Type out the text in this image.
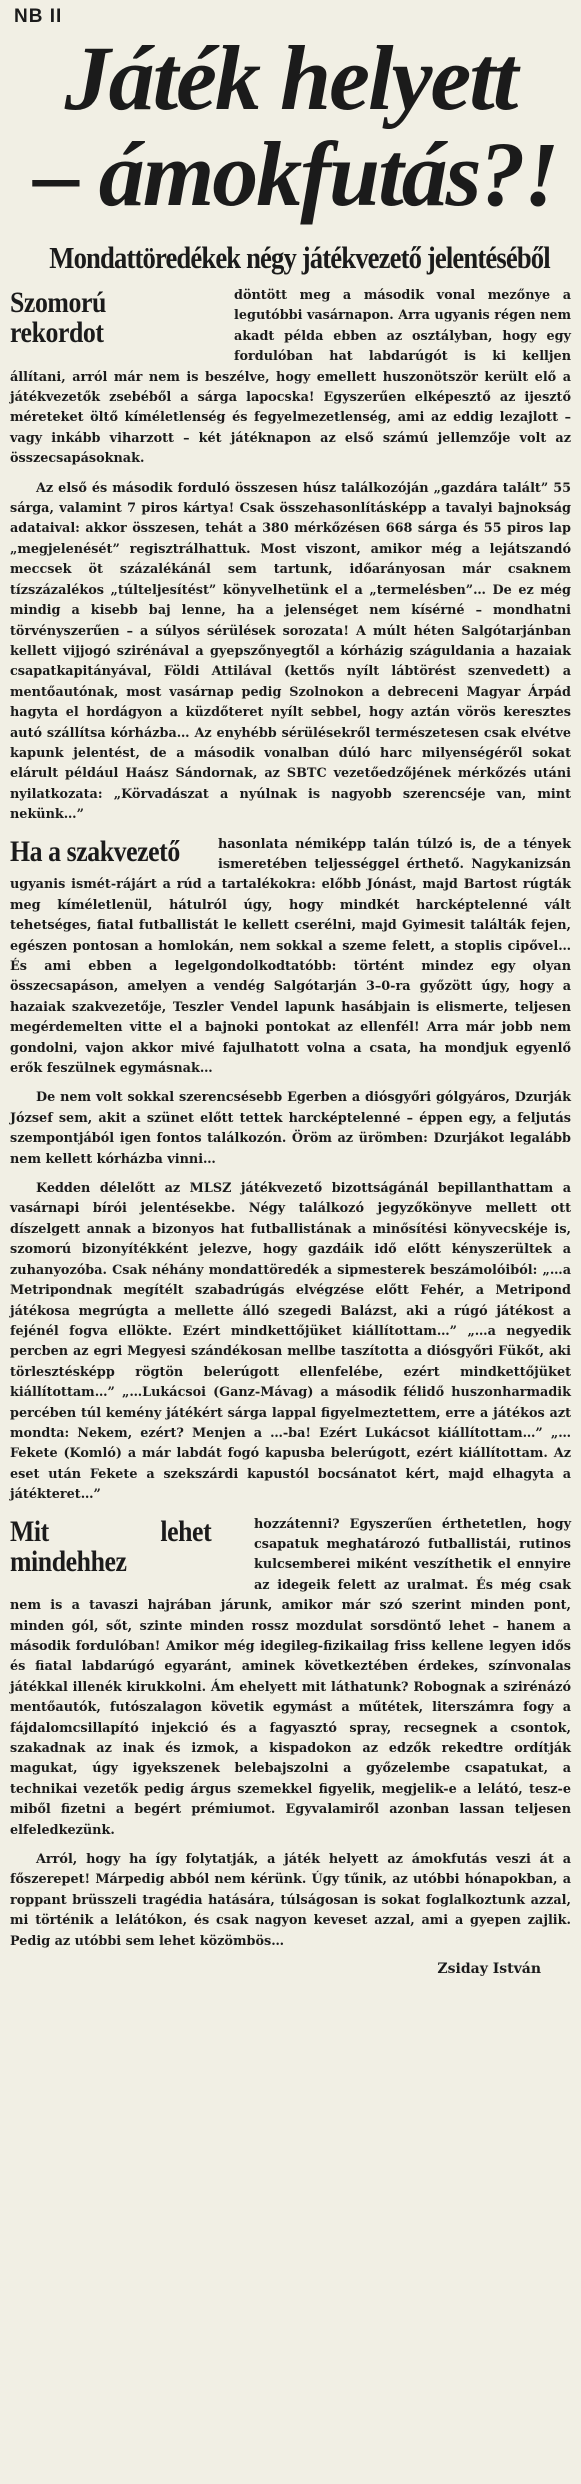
NB II
Játék helyett
– ámokfutás?!
Mondattöredékek négy játékvezető jelentéséből

Szomorú rekordot
döntött meg a második vonal mezőnye a legutóbbi vasárnapon. Arra ugyanis régen nem akadt példa ebben az osztályban, hogy egy fordulóban hat labdarúgót is ki kelljen állítani, arról már nem is beszélve, hogy emellett huszonötször került elő a játékvezetők zsebéből a sárga lapocska! Egyszerűen elképesztő az ijesztő méreteket öltő kíméletlenség és fegyelmezetlenség, ami az eddig lezajlott – vagy inkább viharzott – két játéknapon az első számú jellemzője volt az összecsapásoknak.

Az első és második forduló összesen húsz találkozóján „gazdára talált” 55 sárga, valamint 7 piros kártya! Csak összehasonlításképp a tavalyi bajnokság adataival: akkor összesen, tehát a 380 mérkőzésen 668 sárga és 55 piros lap „megjelenését” regisztrálhattuk. Most viszont, amikor még a lejátszandó meccsek öt százalékánál sem tartunk, időarányosan már csaknem tízszázalékos „túlteljesítést” könyvelhetünk el a „termelésben”… De ez még mindig a kisebb baj lenne, ha a jelenséget nem kísérné – mondhatni törvényszerűen – a súlyos sérülések sorozata! A múlt héten Salgótarjánban kellett vijjogó szirénával a gyepszőnyegtől a kórházig száguldania a hazaiak csapatkapitányával, Földi Attilával (kettős nyílt lábtörést szenvedett) a mentőautónak, most vasárnap pedig Szolnokon a debreceni Magyar Árpád hagyta el hordágyon a küzdőteret nyílt sebbel, hogy aztán vörös keresztes autó szállítsa kórházba… Az enyhébb sérülésekről természetesen csak elvétve kapunk jelentést, de a második vonalban dúló harc milyenségéről sokat elárult például Haász Sándornak, az SBTC vezetőedzőjének mérkőzés utáni nyilatkozata: „Körvadászat a nyúlnak is nagyobb szerencséje van, mint nekünk…”

Ha a szakvezető	hasonlata némiképp talán túlzó is, de a tények ismeretében teljességgel érthető. Nagykanizsán ugyanis ismét-rájárt a rúd a tartalékokra: előbb Jónást, majd Bartost rúgták meg kíméletlenül, hátulról úgy, hogy mindkét harcképtelenné vált tehetséges, fiatal futballistát le kellett cserélni, majd Gyimesit találták fejen, egészen pontosan a homlokán, nem sokkal a szeme felett, a stoplis cipővel… És ami ebben a legelgondolkodtatóbb: történt mindez egy olyan összecsapáson, amelyen a vendég Salgótarján 3–0-ra győzött úgy, hogy a hazaiak szakvezetője, Teszler Vendel lapunk hasábjain is elismerte, teljesen megérdemelten vitte el a bajnoki pontokat az ellenfél! Arra már jobb nem gondolni, vajon akkor mivé fajulhatott volna a csata, ha mondjuk egyenlő erők feszülnek egymásnak…

De nem volt sokkal szerencsésebb Egerben a diósgyőri gólgyáros, Dzurják József sem, akit a szünet előtt tettek harcképtelenné – éppen egy, a feljutás szempontjából igen fontos találkozón. Öröm az ürömben: Dzurjákot legalább nem kellett kórházba vinni…

Kedden délelőtt az MLSZ játékvezető bizottságánál bepillanthattam a vasárnapi bírói jelentésekbe. Négy találkozó jegyzőkönyve mellett ott díszelgett annak a bizonyos hat futballistának a minősítési könyvecskéje is, szomorú bizonyítékként jelezve, hogy gazdáik idő előtt kényszerültek a zuhanyozóba. Csak néhány mondattöredék a sipmesterek beszámolóiból: „…a Metripondnak megítélt szabadrúgás elvégzése előtt Fehér, a Metripond játékosa megrúgta a mellette álló szegedi Balázst, aki a rúgó játékost a fejénél fogva ellökte. Ezért mindkettőjüket kiállítottam…” „…a negyedik percben az egri Megyesi szándékosan mellbe taszította a diósgyőri Fükőt, aki törlesztésképp rögtön belerúgott ellenfelébe, ezért mindkettőjüket kiállítottam…” „…Lukácsoi (Ganz-Mávag) a második félidő huszonharmadik percében túl kemény játékért sárga lappal figyelmeztettem, erre a játékos azt mondta: Nekem, ezért? Menjen a …-ba! Ezért Lukácsot kiállítottam…” „…Fekete (Komló) a már labdát fogó kapusba belerúgott, ezért kiállítottam. Az eset után Fekete a szekszárdi kapustól bocsánatot kért, majd elhagyta a játékteret…”

Mit lehet mindehhez
hozzátenni? Egyszerűen érthetetlen, hogy csapatuk meghatározó futballistái, rutinos kulcsemberei miként veszíthetik el ennyire az idegeik felett az uralmat. És még csak nem is a tavaszi hajrában járunk, amikor már szó szerint minden pont, minden gól, sőt, szinte minden rossz mozdulat sorsdöntő lehet – hanem a második fordulóban! Amikor még idegileg-fizikailag friss kellene legyen idős és fiatal labdarúgó egyaránt, aminek következtében érdekes, színvonalas játékkal illenék kirukkolni. Ám ehelyett mit láthatunk? Robognak a szirénázó mentőautók, futószalagon követik egymást a műtétek, literszámra fogy a fájdalomcsillapító injekció és a fagyasztó spray, recsegnek a csontok, szakadnak az inak és izmok, a kispadokon az edzők rekedtre ordítják magukat, úgy igyekszenek belebajszolni a győzelembe csapatukat, a technikai vezetők pedig árgus szemekkel figyelik, megjelik-e a lelátó, tesz-e miből fizetni a begért prémiumot. Egyvalamiről azonban lassan teljesen elfeledkezünk.

Arról, hogy ha így folytatják, a játék helyett az ámokfutás veszi át a főszerepet! Márpedig abból nem kérünk. Úgy tűnik, az utóbbi hónapokban, a roppant brüsszeli tragédia hatására, túlságosan is sokat foglalkoztunk azzal, mi történik a lelátókon, és csak nagyon keveset azzal, ami a gyepen zajlik. Pedig az utóbbi sem lehet közömbös…

Zsiday István
